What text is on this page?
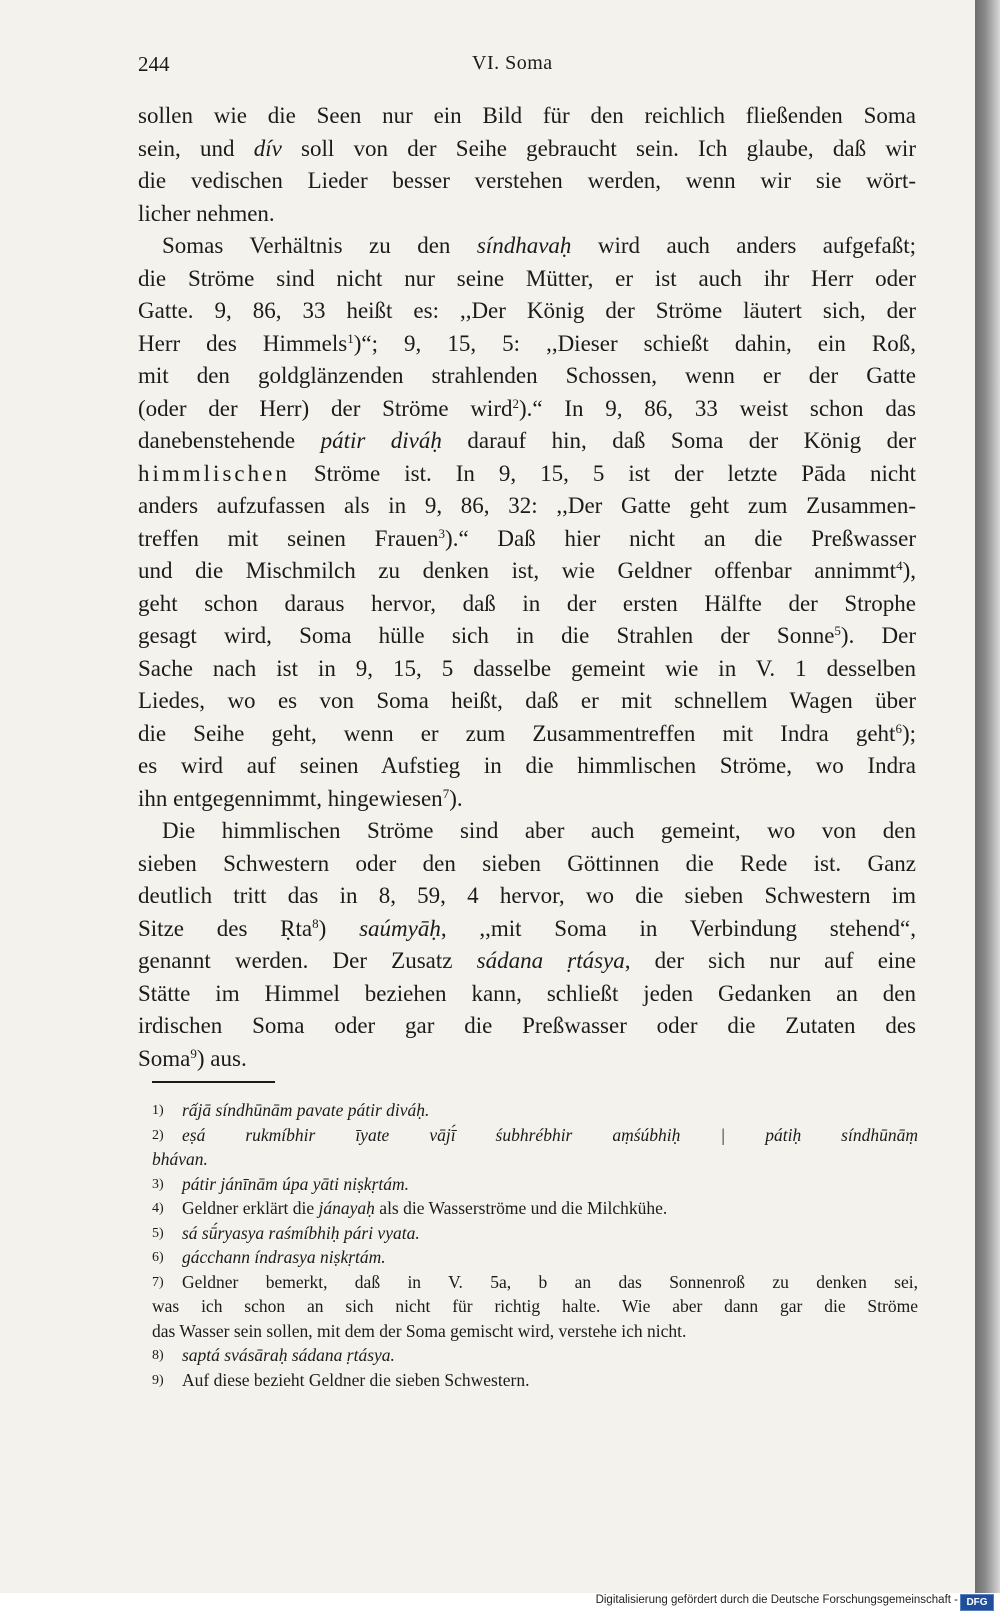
244	VI. Soma
sollen wie die Seen nur ein Bild für den reichlich fließenden Soma
sein, und dív soll von der Seihe gebraucht sein. Ich glaube, daß wir
die vedischen Lieder besser verstehen werden, wenn wir sie wört-
licher nehmen.
Somas Verhältnis zu den síndhavaḥ wird auch anders aufgefaßt;
die Ströme sind nicht nur seine Mütter, er ist auch ihr Herr oder
Gatte. 9, 86, 33 heißt es: ,,Der König der Ströme läutert sich, der
Herr des Himmels$^1$)“; 9, 15, 5: ,,Dieser schießt dahin, ein Roß,
mit den goldglänzenden strahlenden Schossen, wenn er der Gatte
(oder der Herr) der Ströme wird$^2$).“ In 9, 86, 33 weist schon das
danebenstehende pátir diváḥ darauf hin, daß Soma der König der
himmlischen Ströme ist. In 9, 15, 5 ist der letzte Pāda nicht
anders aufzufassen als in 9, 86, 32: ,,Der Gatte geht zum Zusammen-
treffen mit seinen Frauen$^3$).“ Daß hier nicht an die Preßwasser
und die Mischmilch zu denken ist, wie Geldner offenbar annimmt$^4$),
geht schon daraus hervor, daß in der ersten Hälfte der Strophe
gesagt wird, Soma hülle sich in die Strahlen der Sonne$^5$). Der
Sache nach ist in 9, 15, 5 dasselbe gemeint wie in V. 1 desselben
Liedes, wo es von Soma heißt, daß er mit schnellem Wagen über
die Seihe geht, wenn er zum Zusammentreffen mit Indra geht$^6$);
es wird auf seinen Aufstieg in die himmlischen Ströme, wo Indra
ihn entgegennimmt, hingewiesen$^7$).
Die himmlischen Ströme sind aber auch gemeint, wo von den
sieben Schwestern oder den sieben Göttinnen die Rede ist. Ganz
deutlich tritt das in 8, 59, 4 hervor, wo die sieben Schwestern im
Sitze des Ṛta$^8$) saúmyāḥ, ,,mit Soma in Verbindung stehend“,
genannt werden. Der Zusatz sádana ṛtásya, der sich nur auf eine
Stätte im Himmel beziehen kann, schließt jeden Gedanken an den
irdischen Soma oder gar die Preßwasser oder die Zutaten des
Soma$^9$) aus.
1) rấjā síndhūnām pavate pátir diváḥ.
2) eṣá rukmíbhir īyate vājī́ śubhrébhir aṃśúbhiḥ | pátiḥ síndhūnāṃ
bhávan.
3) pátir jánīnām úpa yāti niṣkṛtám.
4) Geldner erklärt die jánayaḥ als die Wasserströme und die Milchkühe.
5) sá sū́ryasya raśmíbhiḥ pári vyata.
6) gácchann índrasya niṣkṛtám.
7) Geldner bemerkt, daß in V. 5a, b an das Sonnenroß zu denken sei,
was ich schon an sich nicht für richtig halte. Wie aber dann gar die Ströme
das Wasser sein sollen, mit dem der Soma gemischt wird, verstehe ich nicht.
8) saptá svásāraḥ sádana ṛtásya.
9) Auf diese bezieht Geldner die sieben Schwestern.
Digitalisierung gefördert durch die Deutsche Forschungsgemeinschaft - DFG
